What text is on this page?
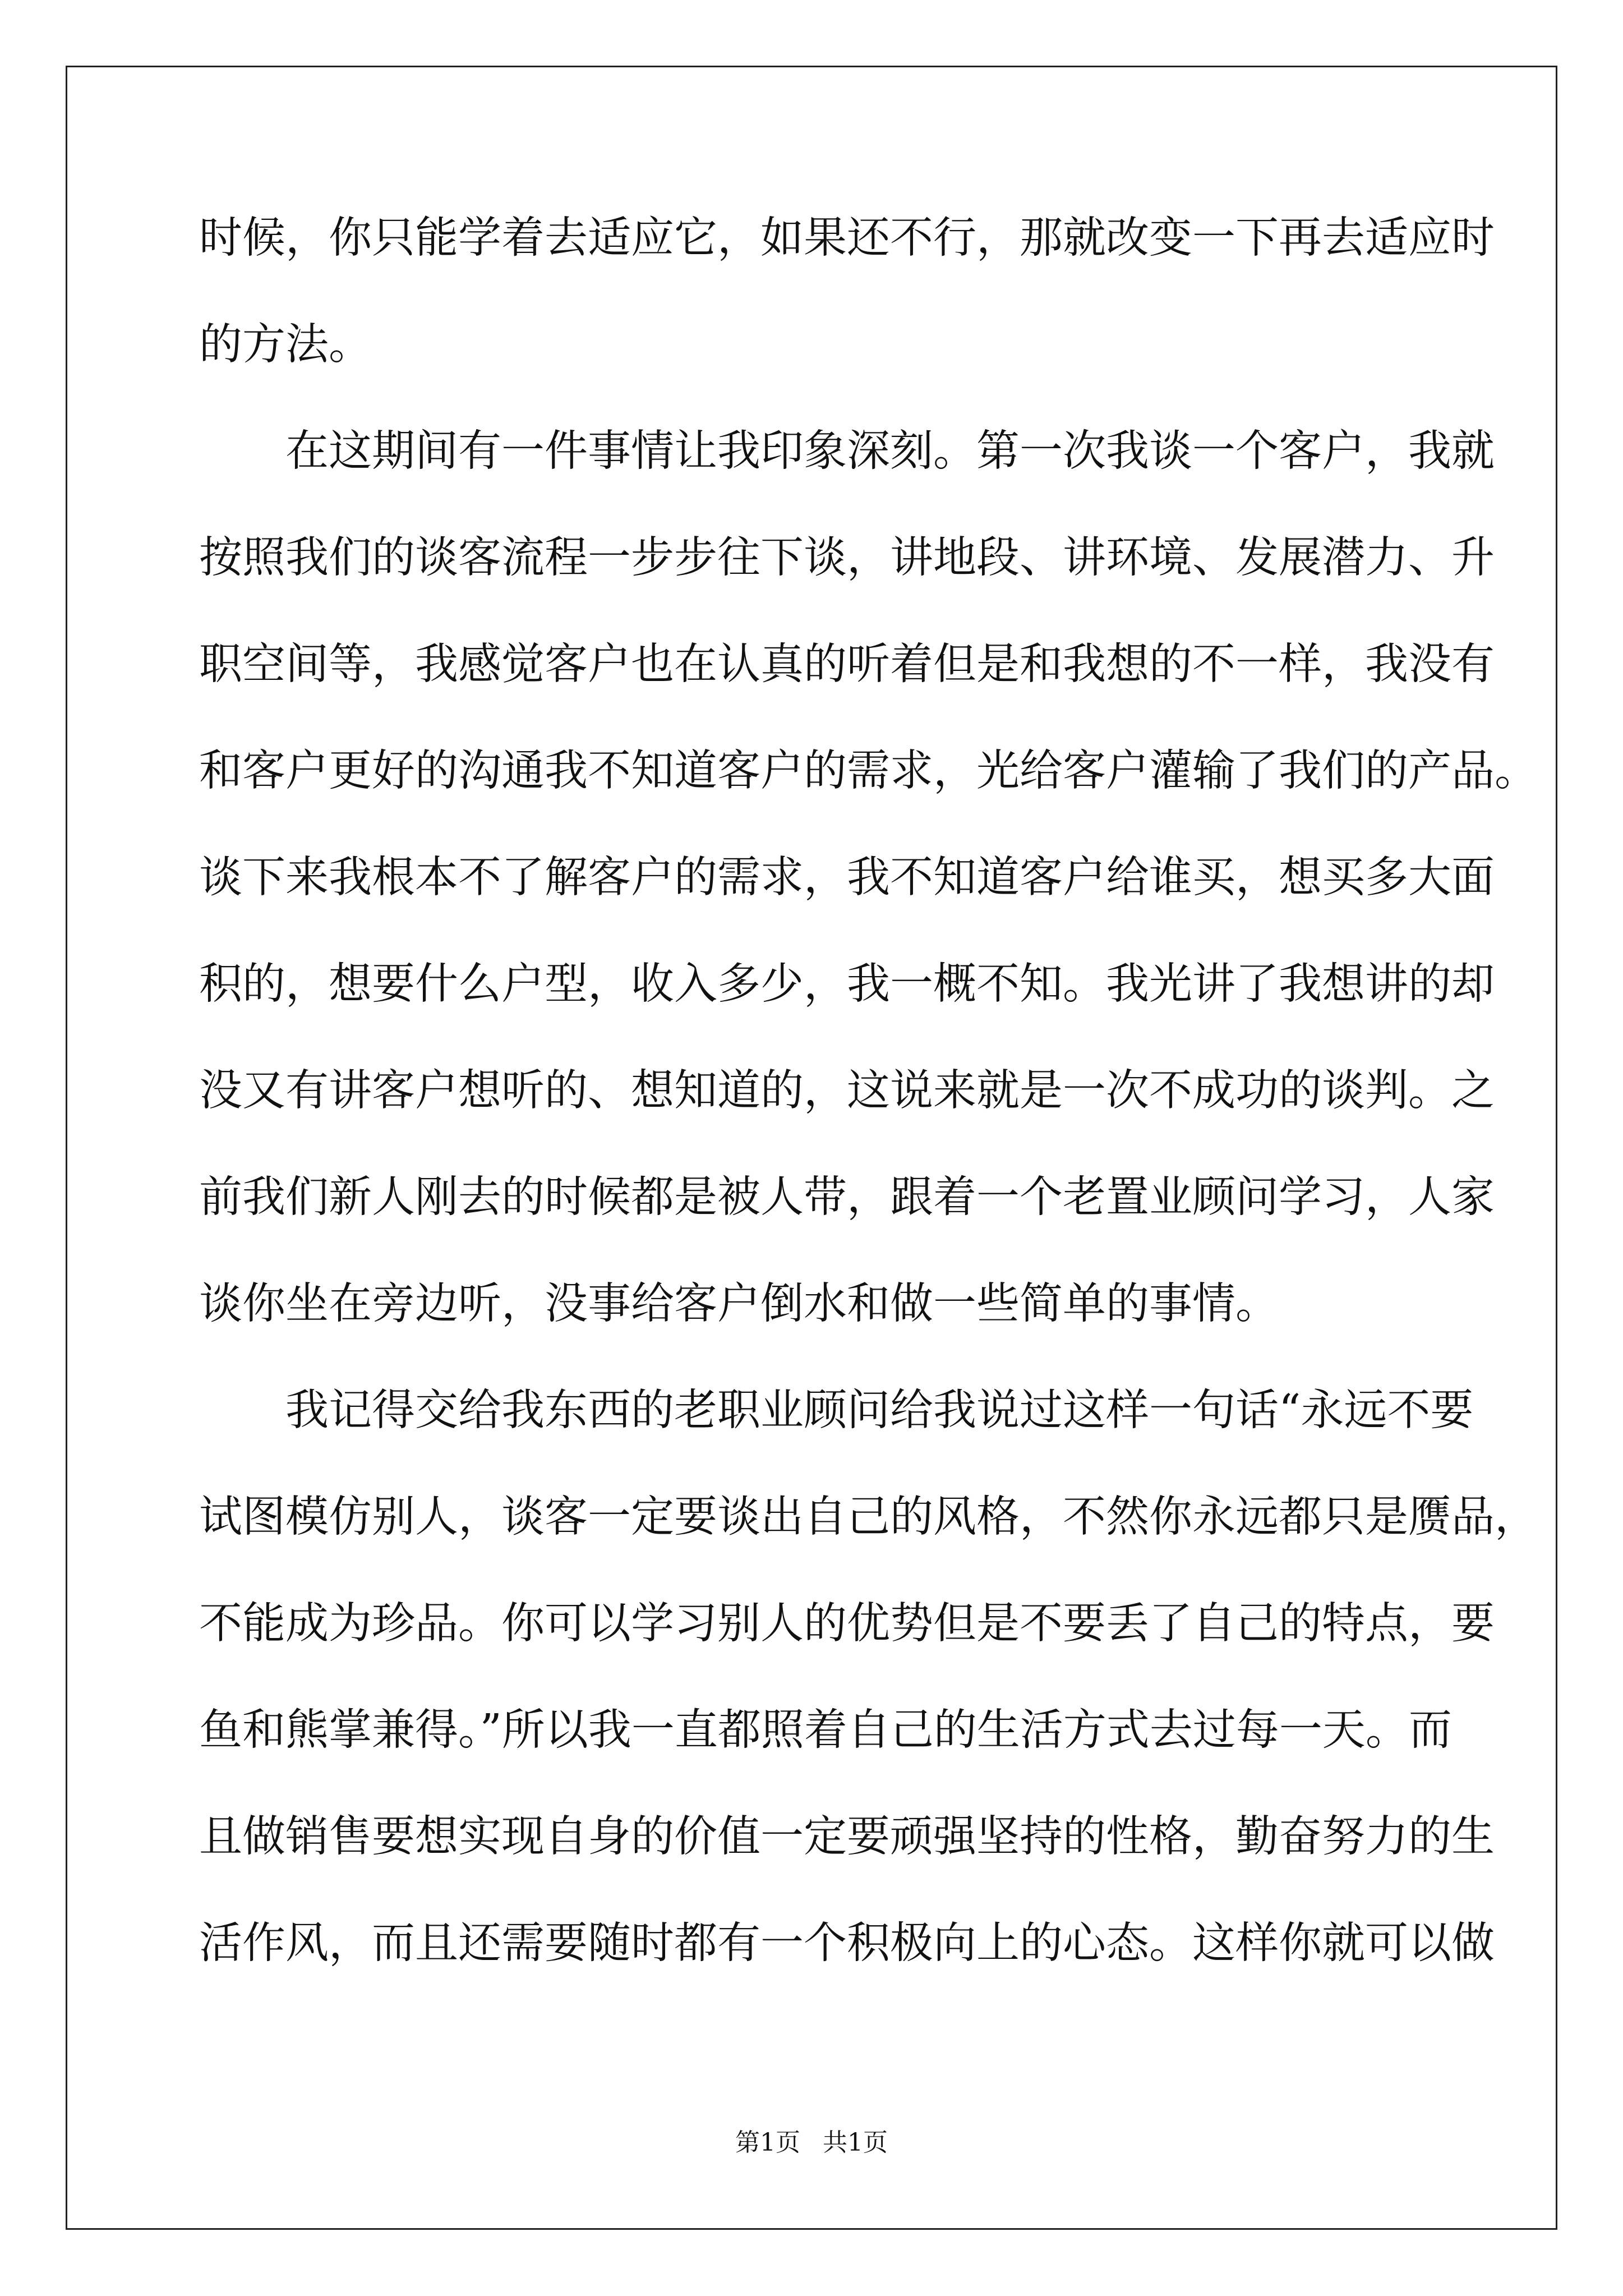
时候，你只能学着去适应它，如果还不行，那就改变一下再去适应时
的方法。
在这期间有一件事情让我印象深刻。第一次我谈一个客户，我就
按照我们的谈客流程一步步往下谈，讲地段、讲环境、发展潜力、升
职空间等，我感觉客户也在认真的听着但是和我想的不一样，我没有
和客户更好的沟通我不知道客户的需求，光给客户灌输了我们的产品。
谈下来我根本不了解客户的需求，我不知道客户给谁买，想买多大面
积的，想要什么户型，收入多少，我一概不知。我光讲了我想讲的却
没又有讲客户想听的、想知道的，这说来就是一次不成功的谈判。之
前我们新人刚去的时候都是被人带，跟着一个老置业顾问学习，人家
谈你坐在旁边听，没事给客户倒水和做一些简单的事情。
我记得交给我东西的老职业顾问给我说过这样一句话“永远不要
试图模仿别人，谈客一定要谈出自己的风格，不然你永远都只是赝品，
不能成为珍品。你可以学习别人的优势但是不要丢了自己的特点，要
鱼和熊掌兼得。”所以我一直都照着自己的生活方式去过每一天。而
且做销售要想实现自身的价值一定要顽强坚持的性格，勤奋努力的生
活作风，而且还需要随时都有一个积极向上的心态。这样你就可以做
第1页 共1页
